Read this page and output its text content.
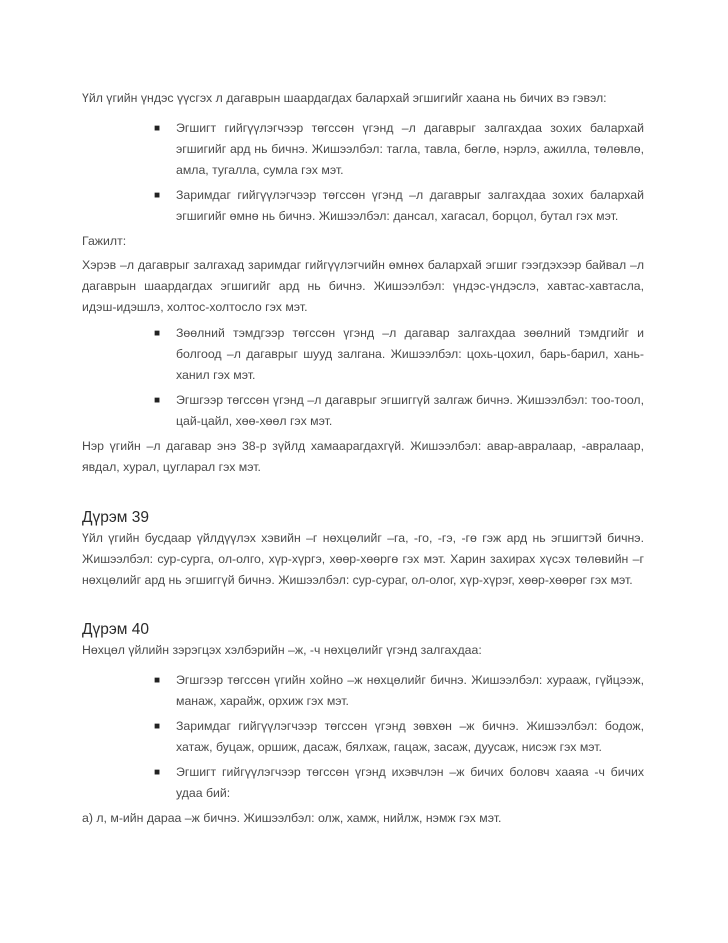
Үйл үгийн үндэс үүсгэх л дагаврын шаардагдах балархай эгшигийг хаана нь бичих вэ гэвэл:

■ Эгшигт гийгүүлэгчээр төгссөн үгэнд –л дагаврыг залгахдаа зохих балархай эгшигийг ард нь бичнэ. Жишээлбэл: тагла, тавла, бөглө, нэрлэ, ажилла, төлөвлө, амла, тугалла, сумла гэх мэт.
■ Заримдаг гийгүүлэгчээр төгссөн үгэнд –л дагаврыг залгахдаа зохих балархай эгшигийг өмнө нь бичнэ. Жишээлбэл: дансал, хагасал, борцол, бутал гэх мэт.

Гажилт:

Хэрэв –л дагаврыг залгахад заримдаг гийгүүлэгчийн өмнөх балархай эгшиг гээгдэхээр байвал –л дагаврын шаардагдах эгшигийг ард нь бичнэ. Жишээлбэл: үндэс-үндэслэ, хавтас-хавтасла, идэш-идэшлэ, холтос-холтосло гэх мэт.

■ Зөөлний тэмдгээр төгссөн үгэнд –л дагавар залгахдаа зөөлний тэмдгийг и болгоод –л дагаврыг шууд залгана. Жишээлбэл: цохь-цохил, барь-барил, хань-ханил гэх мэт.
■ Эгшгээр төгссөн үгэнд –л дагаврыг эгшиггүй залгаж бичнэ. Жишээлбэл: тоо-тоол, цай-цайл, хөө-хөөл гэх мэт.

Нэр үгийн –л дагавар энэ 38-р зүйлд хамаарагдахгүй. Жишээлбэл: авар-авралаар, -авралаар, явдал, хурал, цугларал гэх мэт.

Дүрэм 39

Үйл үгийн бусдаар үйлдүүлэх хэвийн –г нөхцөлийг –га, -го, -гэ, -гө гэж ард нь эгшигтэй бичнэ. Жишээлбэл: сур-сурга, ол-олго, хүр-хүргэ, хөөр-хөөргө гэх мэт. Харин захирах хүсэх төлөвийн –г нөхцөлийг ард нь эгшиггүй бичнэ. Жишээлбэл: сур-сураг, ол-олог, хүр-хүрэг, хөөр-хөөрөг гэх мэт.

Дүрэм 40

Нөхцөл үйлийн зэрэгцэх хэлбэрийн –ж, -ч нөхцөлийг үгэнд залгахдаа:

■ Эгшгээр төгссөн үгийн хойно –ж нөхцөлийг бичнэ. Жишээлбэл: хурааж, гүйцээж, манаж, харайж, орхиж гэх мэт.
■ Заримдаг гийгүүлэгчээр төгссөн үгэнд зөвхөн –ж бичнэ. Жишээлбэл: бодож, хатаж, буцаж, оршиж, дасаж, бялхаж, гацаж, засаж, дуусаж, нисэж гэх мэт.
■ Эгшигт гийгүүлэгчээр төгссөн үгэнд ихэвчлэн –ж бичих боловч хааяа -ч бичих удаа бий:

а) л, м-ийн дараа –ж бичнэ. Жишээлбэл: олж, хамж, нийлж, нэмж гэх мэт.
